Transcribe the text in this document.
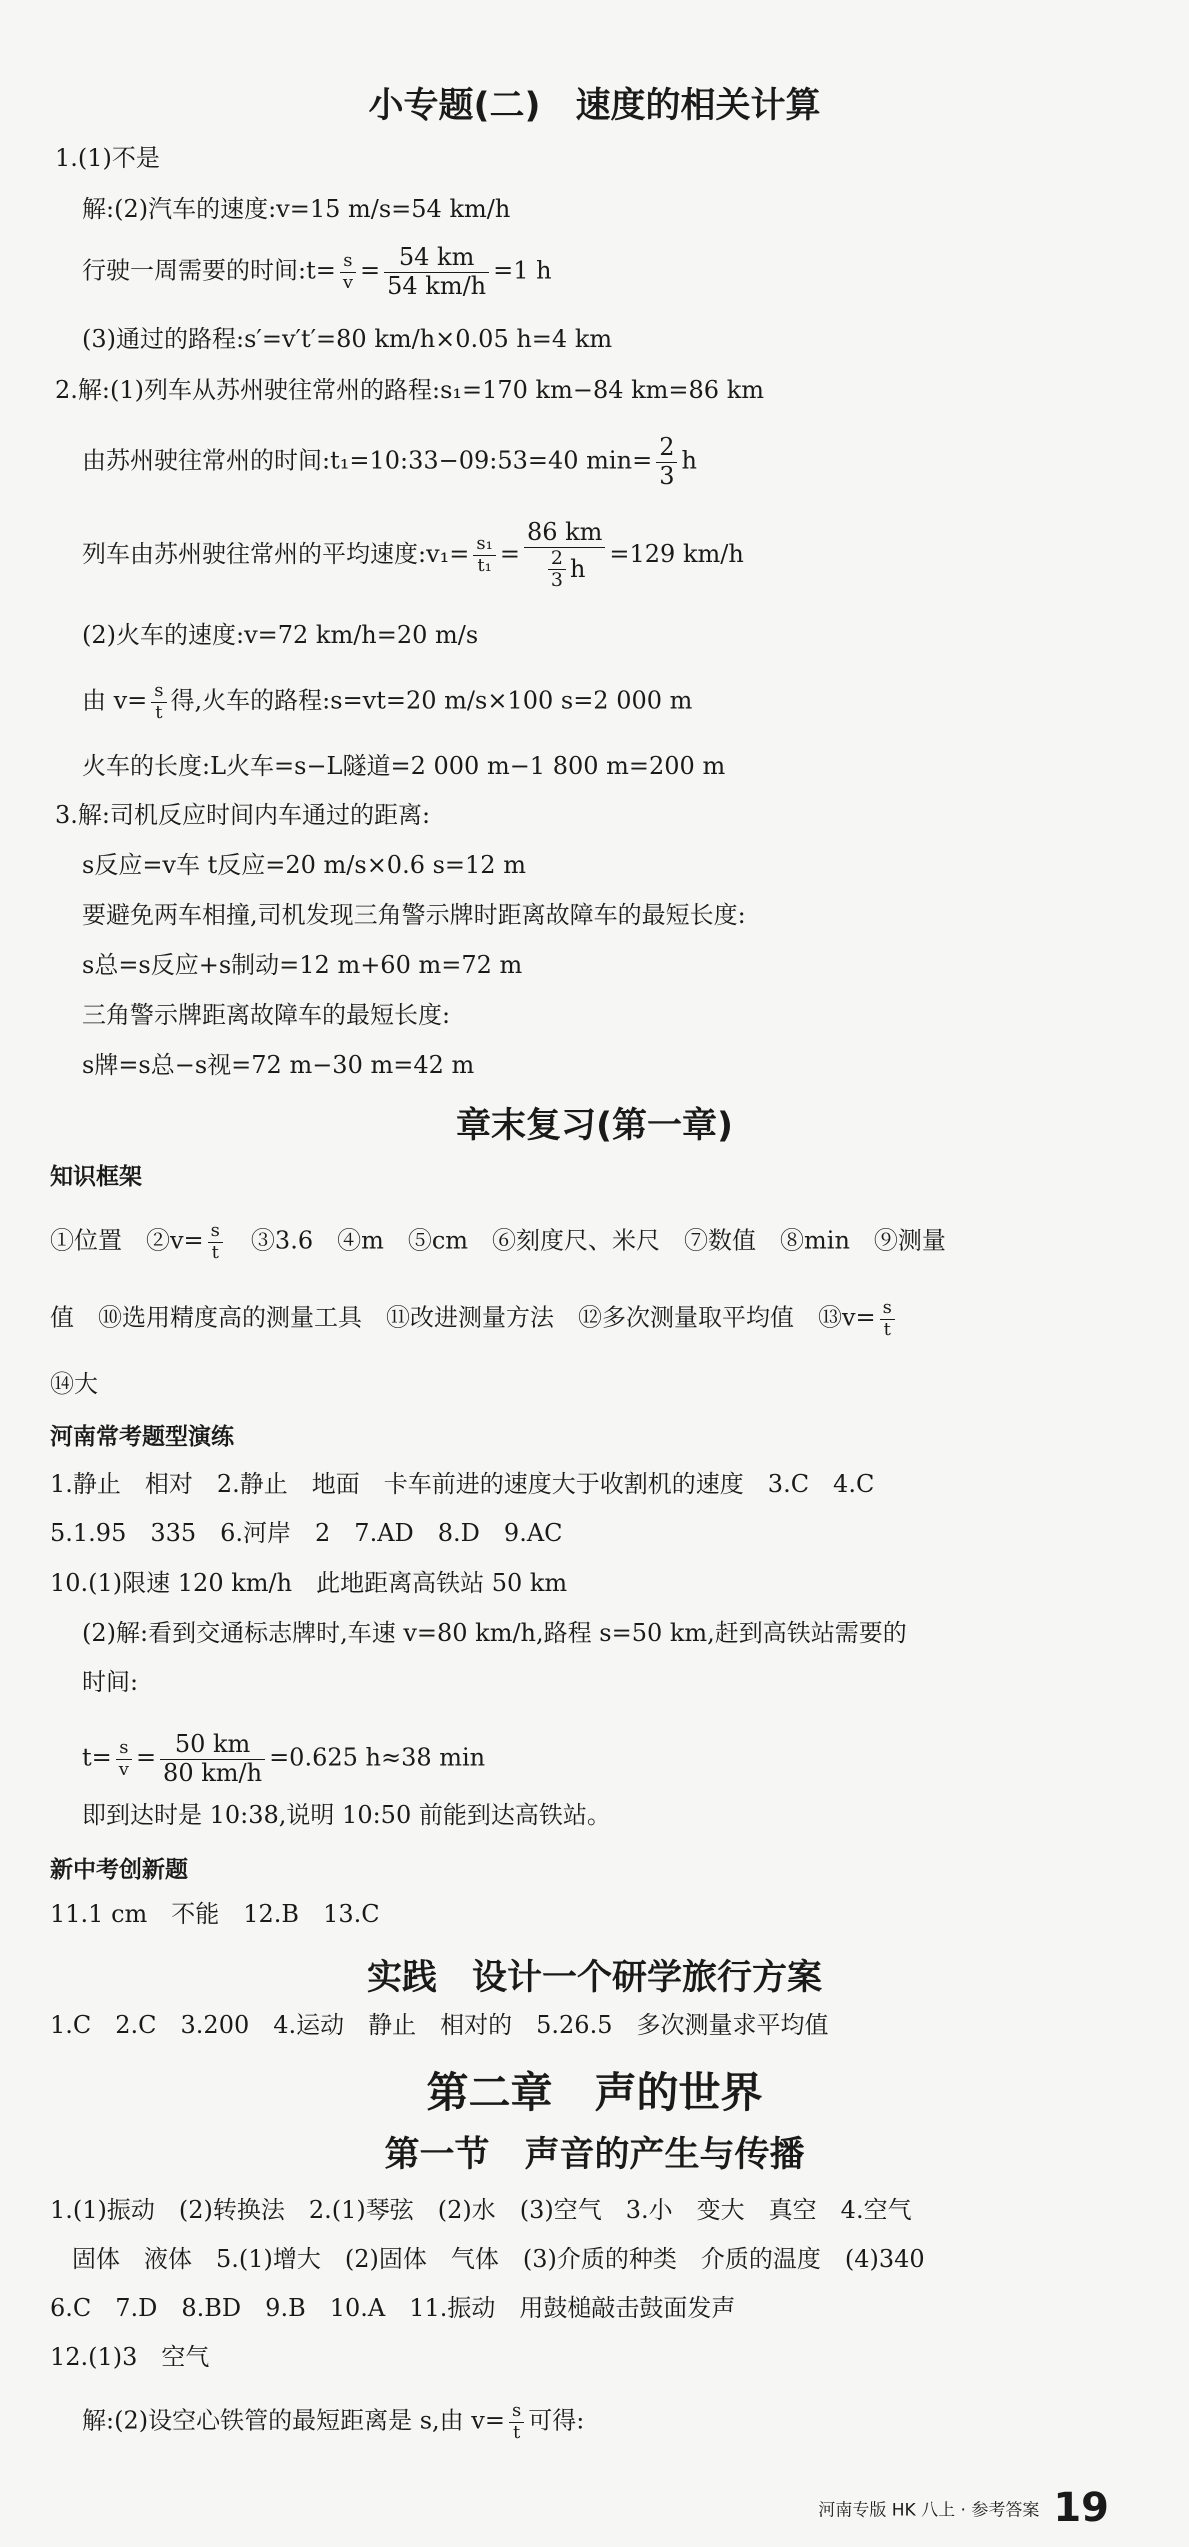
小专题(二)　速度的相关计算
1.(1)不是
解:(2)汽车的速度:v=15 m/s=54 km/h
行驶一周需要的时间:t= $\frac{s}{v} = \frac{54 km}{54 km/h} =1$ h
(3)通过的路程:s′=v′t′=80 km/h×0.05 h=4 km
2.解:(1)列车从苏州驶往常州的路程:s₁=170 km−84 km=86 km
由苏州驶往常州的时间:t₁=10:33−09:53=40 $\min= \frac{2}{3}$ h
列车由苏州驶往常州的平均速度:v₁= $\frac{\text{s₁}}{\text{t₁}} = \frac{86 km}{\frac{2}{3} h} =129$ km/h
(2)火车的速度:v=72 km/h=20 m/s
由 $v= \frac{s}{t}$ 得,火车的路程:s=vt=20 m/s×100 s=2 000 m
火车的长度:L火车=s−L隧道=2 000 m−1 800 m=200 m
3.解:司机反应时间内车通过的距离:
s反应=v车 t反应=20 m/s×0.6 s=12 m
要避免两车相撞,司机发现三角警示牌时距离故障车的最短长度:
s总=s反应+s制动=12 m+60 m=72 m
三角警示牌距离故障车的最短长度:
s牌=s总−s视=72 m−30 m=42 m
章末复习(第一章)
知识框架
①位置　②v= $\frac{s}{t}$ 　③3.6　④m　⑤cm　⑥刻度尺、米尺　⑦数值　⑧min　⑨测量
值　⑩选用精度高的测量工具　⑪改进测量方法　⑫多次测量取平均值　⑬v= $\frac{s}{t}$
⑭大
河南常考题型演练
1.静止　相对　2.静止　地面　卡车前进的速度大于收割机的速度　3.C　4.C
5.1.95　335　6.河岸　2　7.AD　8.D　9.AC
10.(1)限速 120 km/h　此地距离高铁站 50 km
(2)解:看到交通标志牌时,车速 v=80 km/h,路程 s=50 km,赶到高铁站需要的
时间:
$t= \frac{s}{v} = \frac{50 km}{80 km/h} =0.625$ h≈38 min
即到达时是 10:38,说明 10:50 前能到达高铁站。
新中考创新题
11.1 cm　不能　12.B　13.C
实践　设计一个研学旅行方案
1.C　2.C　3.200　4.运动　静止　相对的　5.26.5　多次测量求平均值
第二章　声的世界
第一节　声音的产生与传播
1.(1)振动　(2)转换法　2.(1)琴弦　(2)水　(3)空气　3.小　变大　真空　4.空气
固体　液体　5.(1)增大　(2)固体　气体　(3)介质的种类　介质的温度　(4)340
6.C　7.D　8.BD　9.B　10.A　11.振动　用鼓槌敲击鼓面发声
12.(1)3　空气
解:(2)设空心铁管的最短距离是 s,由 $v= \frac{s}{t}$ 可得:
河南专版 HK 八上 · 参考答案 19
